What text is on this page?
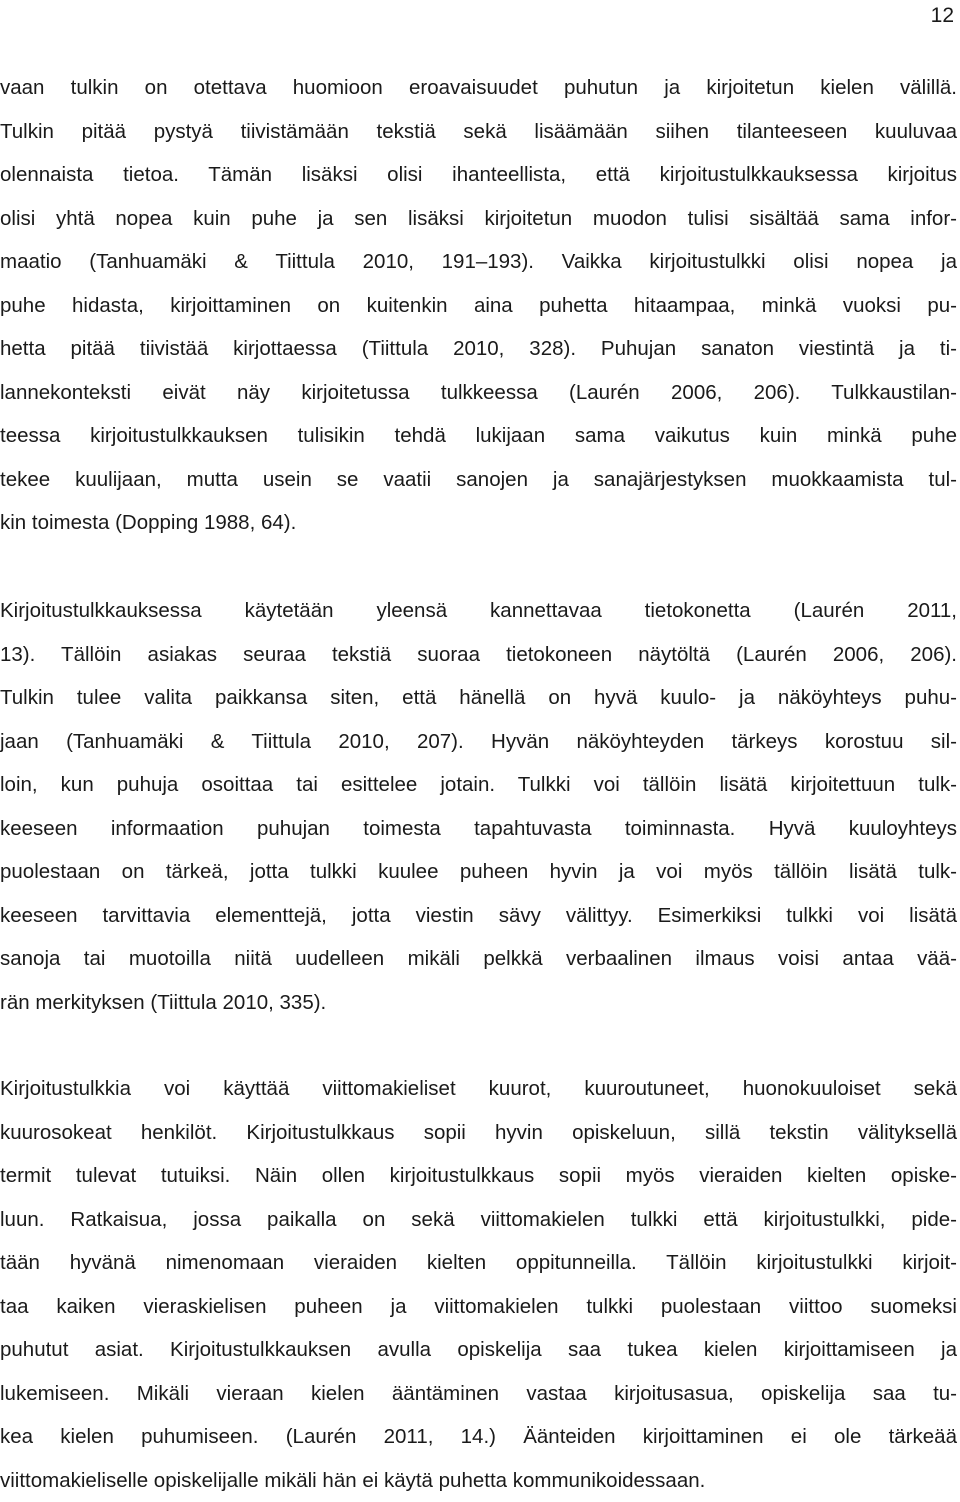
12
vaan tulkin on otettava huomioon eroavaisuudet puhutun ja kirjoitetun kielen välillä.
Tulkin pitää pystyä tiivistämään tekstiä sekä lisäämään siihen tilanteeseen kuuluvaa
olennaista tietoa. Tämän lisäksi olisi ihanteellista, että kirjoitustulkkauksessa kirjoitus
olisi yhtä nopea kuin puhe ja sen lisäksi kirjoitetun muodon tulisi sisältää sama infor-
maatio (Tanhuamäki & Tiittula 2010, 191–193). Vaikka kirjoitustulkki olisi nopea ja
puhe hidasta, kirjoittaminen on kuitenkin aina puhetta hitaampaa, minkä vuoksi pu-
hetta pitää tiivistää kirjottaessa (Tiittula 2010, 328). Puhujan sanaton viestintä ja ti-
lannekonteksti eivät näy kirjoitetussa tulkkeessa (Laurén 2006, 206). Tulkkaustilan-
teessa kirjoitustulkkauksen tulisikin tehdä lukijaan sama vaikutus kuin minkä puhe
tekee kuulijaan, mutta usein se vaatii sanojen ja sanajärjestyksen muokkaamista tul-
kin toimesta (Dopping 1988, 64).
Kirjoitustulkkauksessa käytetään yleensä kannettavaa tietokonetta (Laurén 2011,
13). Tällöin asiakas seuraa tekstiä suoraa tietokoneen näytöltä (Laurén 2006, 206).
Tulkin tulee valita paikkansa siten, että hänellä on hyvä kuulo- ja näköyhteys puhu-
jaan (Tanhuamäki & Tiittula 2010, 207). Hyvän näköyhteyden tärkeys korostuu sil-
loin, kun puhuja osoittaa tai esittelee jotain. Tulkki voi tällöin lisätä kirjoitettuun tulk-
keeseen informaation puhujan toimesta tapahtuvasta toiminnasta. Hyvä kuuloyhteys
puolestaan on tärkeä, jotta tulkki kuulee puheen hyvin ja voi myös tällöin lisätä tulk-
keeseen tarvittavia elementtejä, jotta viestin sävy välittyy. Esimerkiksi tulkki voi lisätä
sanoja tai muotoilla niitä uudelleen mikäli pelkkä verbaalinen ilmaus voisi antaa vää-
rän merkityksen (Tiittula 2010, 335).
Kirjoitustulkkia voi käyttää viittomakieliset kuurot, kuuroutuneet, huonokuuloiset sekä
kuurosokeat henkilöt. Kirjoitustulkkaus sopii hyvin opiskeluun, sillä tekstin välityksellä
termit tulevat tutuiksi. Näin ollen kirjoitustulkkaus sopii myös vieraiden kielten opiske-
luun. Ratkaisua, jossa paikalla on sekä viittomakielen tulkki että kirjoitustulkki, pide-
tään hyvänä nimenomaan vieraiden kielten oppitunneilla. Tällöin kirjoitustulkki kirjoit-
taa kaiken vieraskielisen puheen ja viittomakielen tulkki puolestaan viittoo suomeksi
puhutut asiat. Kirjoitustulkkauksen avulla opiskelija saa tukea kielen kirjoittamiseen ja
lukemiseen. Mikäli vieraan kielen ääntäminen vastaa kirjoitusasua, opiskelija saa tu-
kea kielen puhumiseen. (Laurén 2011, 14.) Äänteiden kirjoittaminen ei ole tärkeää
viittomakieliselle opiskelijalle mikäli hän ei käytä puhetta kommunikoidessaan.
